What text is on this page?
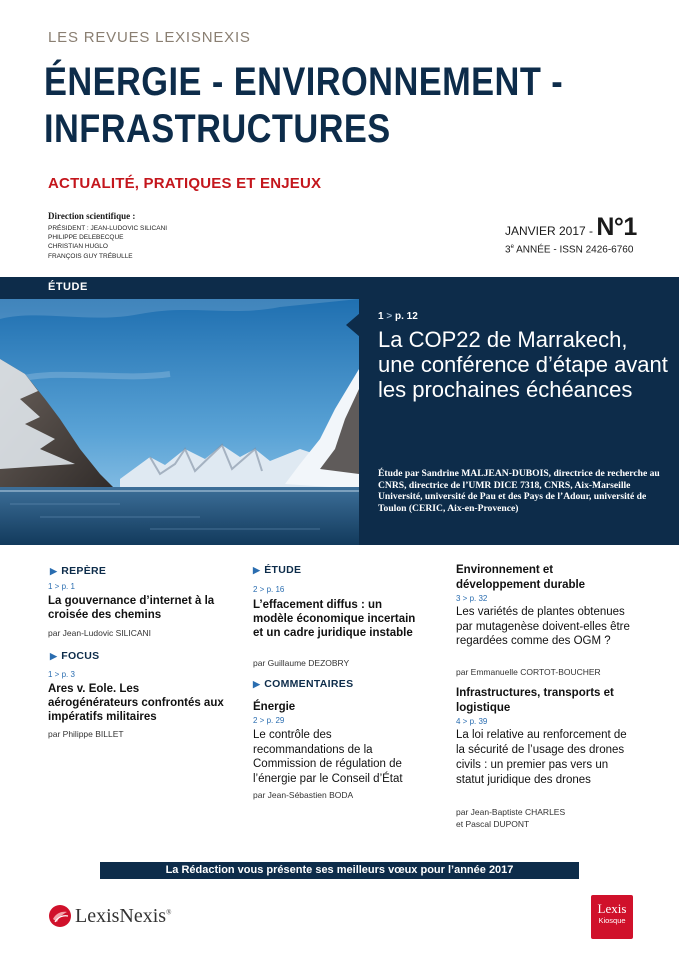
LES REVUES LEXISNEXIS
ÉNERGIE - ENVIRONNEMENT -
INFRASTRUCTURES
ACTUALITÉ, PRATIQUES ET ENJEUX
Direction scientifique :
PRÉSIDENT : JEAN-LUDOVIC SILICANI
PHILIPPE DELEBECQUE
CHRISTIAN HUGLO
FRANÇOIS GUY TRÉBULLE
JANVIER 2017 - N°1
3e ANNÉE - ISSN 2426-6760
ÉTUDE
1 > p. 12
La COP22 de Marrakech, une conférence d’étape avant les prochaines échéances
Étude par Sandrine MALJEAN-DUBOIS, directrice de recherche au CNRS, directrice de l’UMR DICE 7318, CNRS, Aix-Marseille Université, université de Pau et des Pays de l’Adour, université de Toulon (CERIC, Aix-en-Provence)
▶ REPÈRE
1 > p. 1
La gouvernance d’internet à la croisée des chemins
par Jean-Ludovic SILICANI
▶ FOCUS
1 > p. 3
Ares v. Eole. Les aérogénérateurs confrontés aux impératifs militaires
par Philippe BILLET
▶ ÉTUDE
2 > p. 16
L’effacement diffus : un modèle économique incertain et un cadre juridique instable
par Guillaume DEZOBRY
▶ COMMENTAIRES
Énergie
2 > p. 29
Le contrôle des recommandations de la Commission de régulation de l’énergie par le Conseil d’État
par Jean-Sébastien BODA
Environnement et développement durable
3 > p. 32
Les variétés de plantes obtenues par mutagenèse doivent-elles être regardées comme des OGM ?
par Emmanuelle CORTOT-BOUCHER
Infrastructures, transports et logistique
4 > p. 39
La loi relative au renforcement de la sécurité de l’usage des drones civils : un premier pas vers un statut juridique des drones
par Jean-Baptiste CHARLES
et Pascal DUPONT
La Rédaction vous présente ses meilleurs vœux pour l’année 2017
LexisNexis®	Lexis
Kiosque
